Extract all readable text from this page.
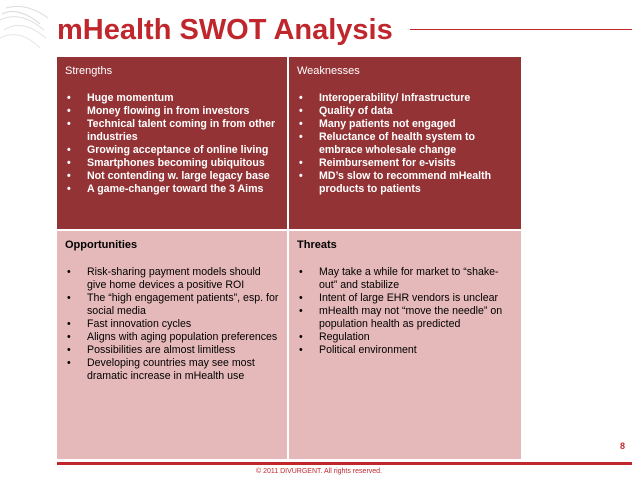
mHealth SWOT Analysis
Strengths
• Huge momentum
• Money flowing in from investors
• Technical talent coming in from other industries
• Growing acceptance of online living
• Smartphones becoming ubiquitous
• Not contending w. large legacy base
• A game-changer toward the 3 Aims
Weaknesses
• Interoperability/ Infrastructure
• Quality of data
• Many patients not engaged
• Reluctance of health system to embrace wholesale change
• Reimbursement for e-visits
• MD’s slow to recommend mHealth products to patients
Opportunities
• Risk-sharing payment models should give home devices a positive ROI
• The “high engagement patients”, esp. for social media
• Fast innovation cycles
• Aligns with aging population preferences
• Possibilities are almost limitless
• Developing countries may see most dramatic increase in mHealth use
Threats
• May take a while for market to “shake-out” and stabilize
• Intent of large EHR vendors is unclear
• mHealth may not “move the needle” on population health as predicted
• Regulation
• Political environment
8
© 2011 DIVURGENT. All rights reserved.
